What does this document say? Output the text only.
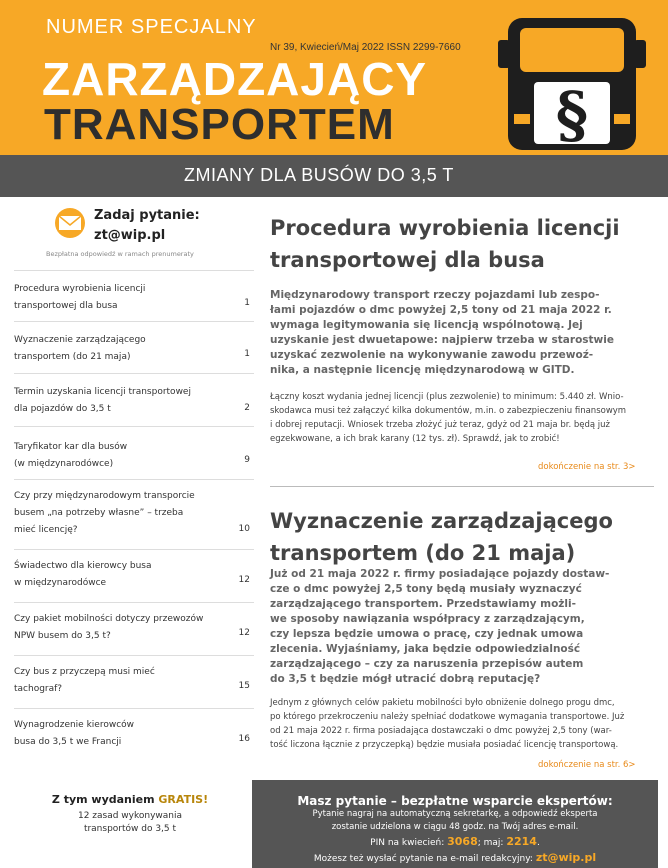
NUMER SPECJALNY
Nr 39, Kwiecień/Maj 2022 ISSN 2299-7660
ZARZĄDZAJĄCY
TRANSPORTEM	§
ZMIANY DLA BUSÓW DO 3,5 T
Zadaj pytanie:
zt@wip.pl
Bezpłatna odpowiedź w ramach prenumeraty
Procedura wyrobienia licencji
transportowej dla busa	1
Wyznaczenie zarządzającego
transportem (do 21 maja)	1
Termin uzyskania licencji transportowej
dla pojazdów do 3,5 t	2
Taryfikator kar dla busów
(w międzynarodówce)	9
Czy przy międzynarodowym transporcie
busem „na potrzeby własne” – trzeba
mieć licencję?	10
Świadectwo dla kierowcy busa
w międzynarodówce	12
Czy pakiet mobilności dotyczy przewozów
NPW busem do 3,5 t?	12
Czy bus z przyczepą musi mieć
tachograf?	15
Wynagrodzenie kierowców
busa do 3,5 t we Francji	16
Z tym wydaniem GRATIS!
12 zasad wykonywania
transportów do 3,5 t
Procedura wyrobienia licencji
transportowej dla busa
Międzynarodowy transport rzeczy pojazdami lub zespo-
łami pojazdów o dmc powyżej 2,5 tony od 21 maja 2022 r.
wymaga legitymowania się licencją wspólnotową. Jej
uzyskanie jest dwuetapowe: najpierw trzeba w starostwie
uzyskać zezwolenie na wykonywanie zawodu przewoź-
nika, a następnie licencję międzynarodową w GITD.
Łączny koszt wydania jednej licencji (plus zezwolenie) to minimum: 5.440 zł. Wnio-
skodawca musi też załączyć kilka dokumentów, m.in. o zabezpieczeniu finansowym
i dobrej reputacji. Wniosek trzeba złożyć już teraz, gdyż od 21 maja br. będą już
egzekwowane, a ich brak karany (12 tys. zł). Sprawdź, jak to zrobić!
dokończenie na str. 3>
Wyznaczenie zarządzającego
transportem (do 21 maja)
Już od 21 maja 2022 r. firmy posiadające pojazdy dostaw-
cze o dmc powyżej 2,5 tony będą musiały wyznaczyć
zarządzającego transportem. Przedstawiamy możli-
we sposoby nawiązania współpracy z zarządzającym,
czy lepsza będzie umowa o pracę, czy jednak umowa
zlecenia. Wyjaśniamy, jaka będzie odpowiedzialność
zarządzającego – czy za naruszenia przepisów autem
do 3,5 t będzie mógł utracić dobrą reputację?
Jednym z głównych celów pakietu mobilności było obniżenie dolnego progu dmc,
po którego przekroczeniu należy spełniać dodatkowe wymagania transportowe. Już
od 21 maja 2022 r. firma posiadająca dostawczaki o dmc powyżej 2,5 tony (war-
tość liczona łącznie z przyczepką) będzie musiała posiadać licencję transportową.
dokończenie na str. 6>
Masz pytanie – bezpłatne wsparcie ekspertów:
Pytanie nagraj na automatyczną sekretarkę, a odpowiedź eksperta
zostanie udzielona w ciągu 48 godz. na Twój adres e-mail.
PIN na kwiecień: 3068; maj: 2214.
Możesz też wysłać pytanie na e-mail redakcyjny: zt@wip.pl
